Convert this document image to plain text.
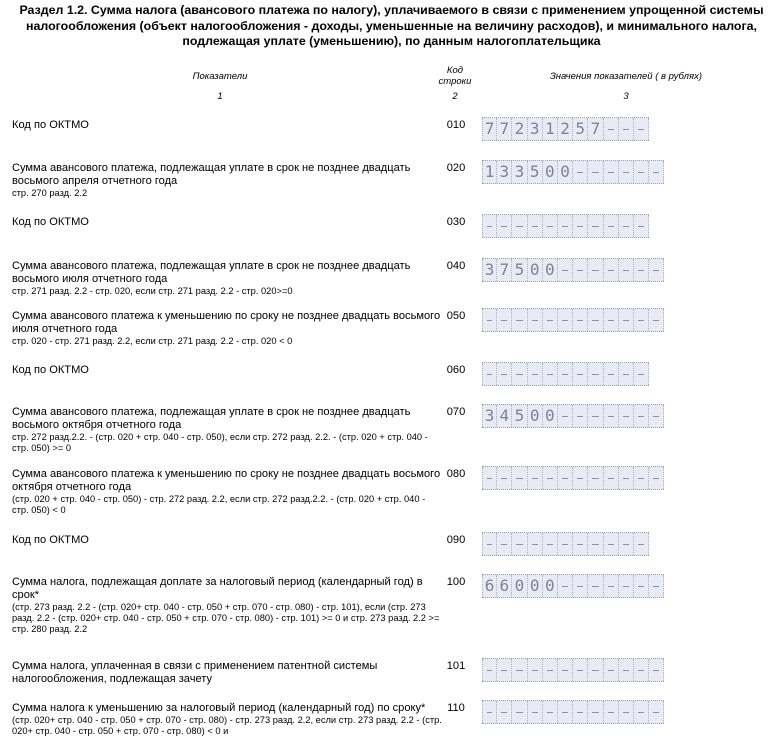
Раздел 1.2. Сумма налога (авансового платежа по налогу), уплачиваемого в связи с применением упрощенной системы налогообложения (объект налогообложения - доходы, уменьшенные на величину расходов), и минимального налога, подлежащая уплате (уменьшению), по данным налогоплательщика
Показатели
Код строки	Значения показателей ( в рублях)
1	2	3
Код по ОКТМО	010	7 7 2 3 1 2 5 7
Сумма авансового платежа, подлежащая уплате в срок не позднее двадцать восьмого апреля отчетного года
стр. 270 разд. 2.2
020	1 3 3 5 0 0
Код по ОКТМО	030
Сумма авансового платежа, подлежащая уплате в срок не позднее двадцать восьмого июля отчетного года
стр. 271 разд. 2.2 - стр. 020, если стр. 271 разд. 2.2 - стр. 020>=0
040	3 7 5 0 0
Сумма авансового платежа к уменьшению по сроку не позднее двадцать восьмого июля отчетного года
стр. 020 - стр. 271 разд. 2.2, если стр. 271 разд. 2.2 - стр. 020 < 0
050
Код по ОКТМО	060
Сумма авансового платежа, подлежащая уплате в срок не позднее двадцать восьмого октября отчетного года
стр. 272 разд.2.2. - (стр. 020 + стр. 040 - стр. 050), если стр. 272 разд. 2.2. - (стр. 020 + стр. 040 - стр. 050) >= 0
070	3 4 5 0 0
Сумма авансового платежа к уменьшению по сроку не позднее двадцать восьмого октября отчетного года
(стр. 020 + стр. 040 - стр. 050) - стр. 272 разд. 2.2, если стр. 272 разд.2.2. - (стр. 020 + стр. 040 - стр. 050) < 0
080
Код по ОКТМО	090
Сумма налога, подлежащая доплате за налоговый период (календарный год) в срок*
(стр. 273 разд. 2.2 - (стр. 020+ стр. 040 - стр. 050 + стр. 070 - стр. 080) - стр. 101), если (стр. 273 разд. 2.2 - (стр. 020+ стр. 040 - стр. 050 + стр. 070 - стр. 080) - стр. 101) >= 0 и стр. 273 разд. 2.2 >= стр. 280 разд. 2.2
100	6 6 0 0 0
Сумма налога, уплаченная в связи с применением патентной системы налогообложения, подлежащая зачету
101
Сумма налога к уменьшению за налоговый период (календарный год) по сроку*
(стр. 020+ стр. 040 - стр. 050 + стр. 070 - стр. 080) - стр. 273 разд. 2.2, если стр. 273 разд. 2.2 - (стр. 020+ стр. 040 - стр. 050 + стр. 070 - стр. 080) < 0 и
110
